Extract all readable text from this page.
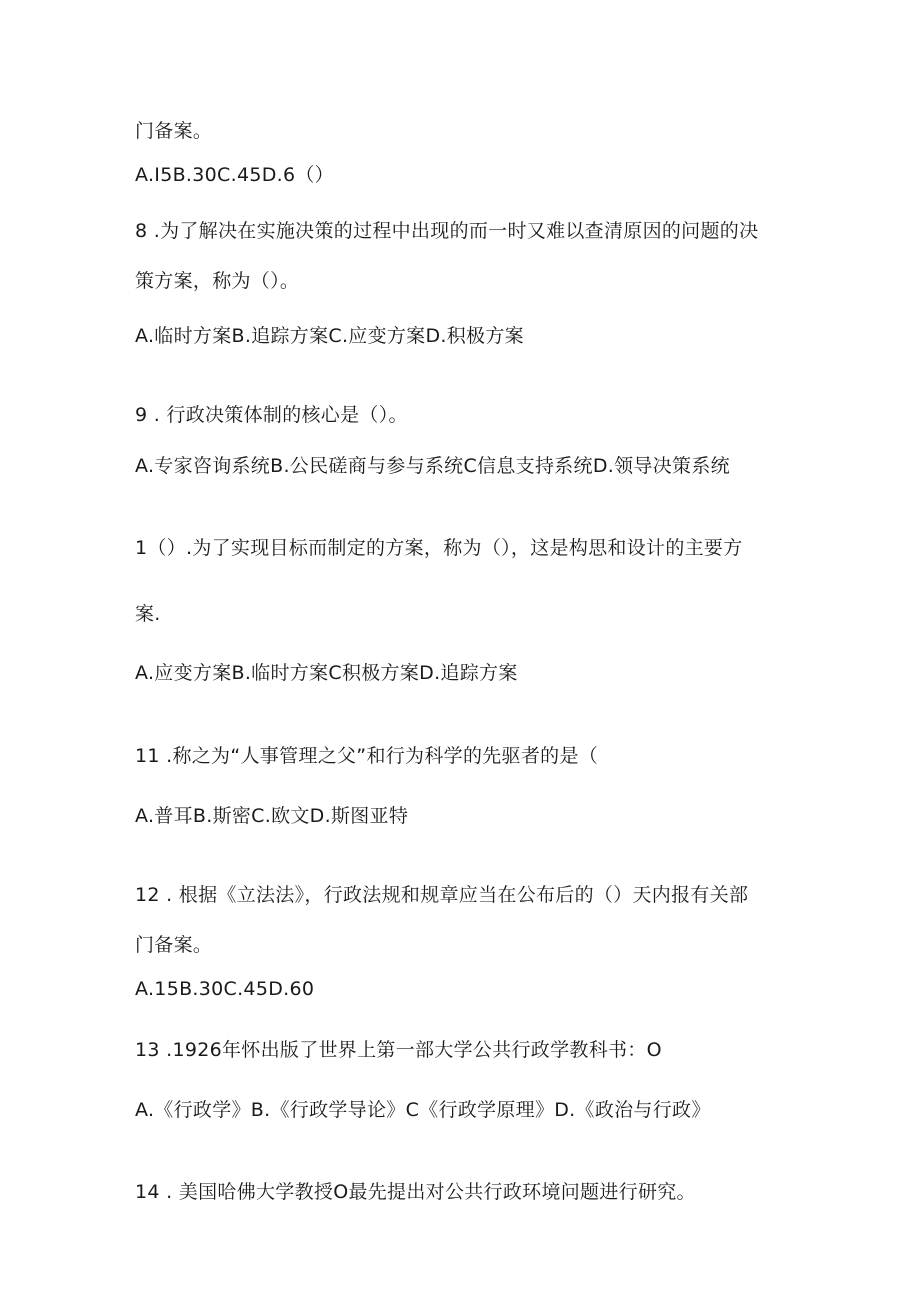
门备案。
A.I5B.30C.45D.6（）
8 .为了解决在实施决策的过程中出现的而一时又难以查清原因的问题的决
策方案，称为（）。
A.临时方案B.追踪方案C.应变方案D.积极方案
9 . 行政决策体制的核心是（）。
A.专家咨询系统B.公民磋商与参与系统C信息支持系统D.领导决策系统
1（）.为了实现目标而制定的方案，称为（），这是构思和设计的主要方
案.
A.应变方案B.临时方案C积极方案D.追踪方案
11 .称之为“人事管理之父”和行为科学的先驱者的是（
A.普耳B.斯密C.欧文D.斯图亚特
12 . 根据《立法法》，行政法规和规章应当在公布后的（）天内报有关部
门备案。
A.15B.30C.45D.60
13 .1926年怀出版了世界上第一部大学公共行政学教科书：O
A.《行政学》B.《行政学导论》C《行政学原理》D.《政治与行政》
14 . 美国哈佛大学教授O最先提出对公共行政环境问题进行研究。
